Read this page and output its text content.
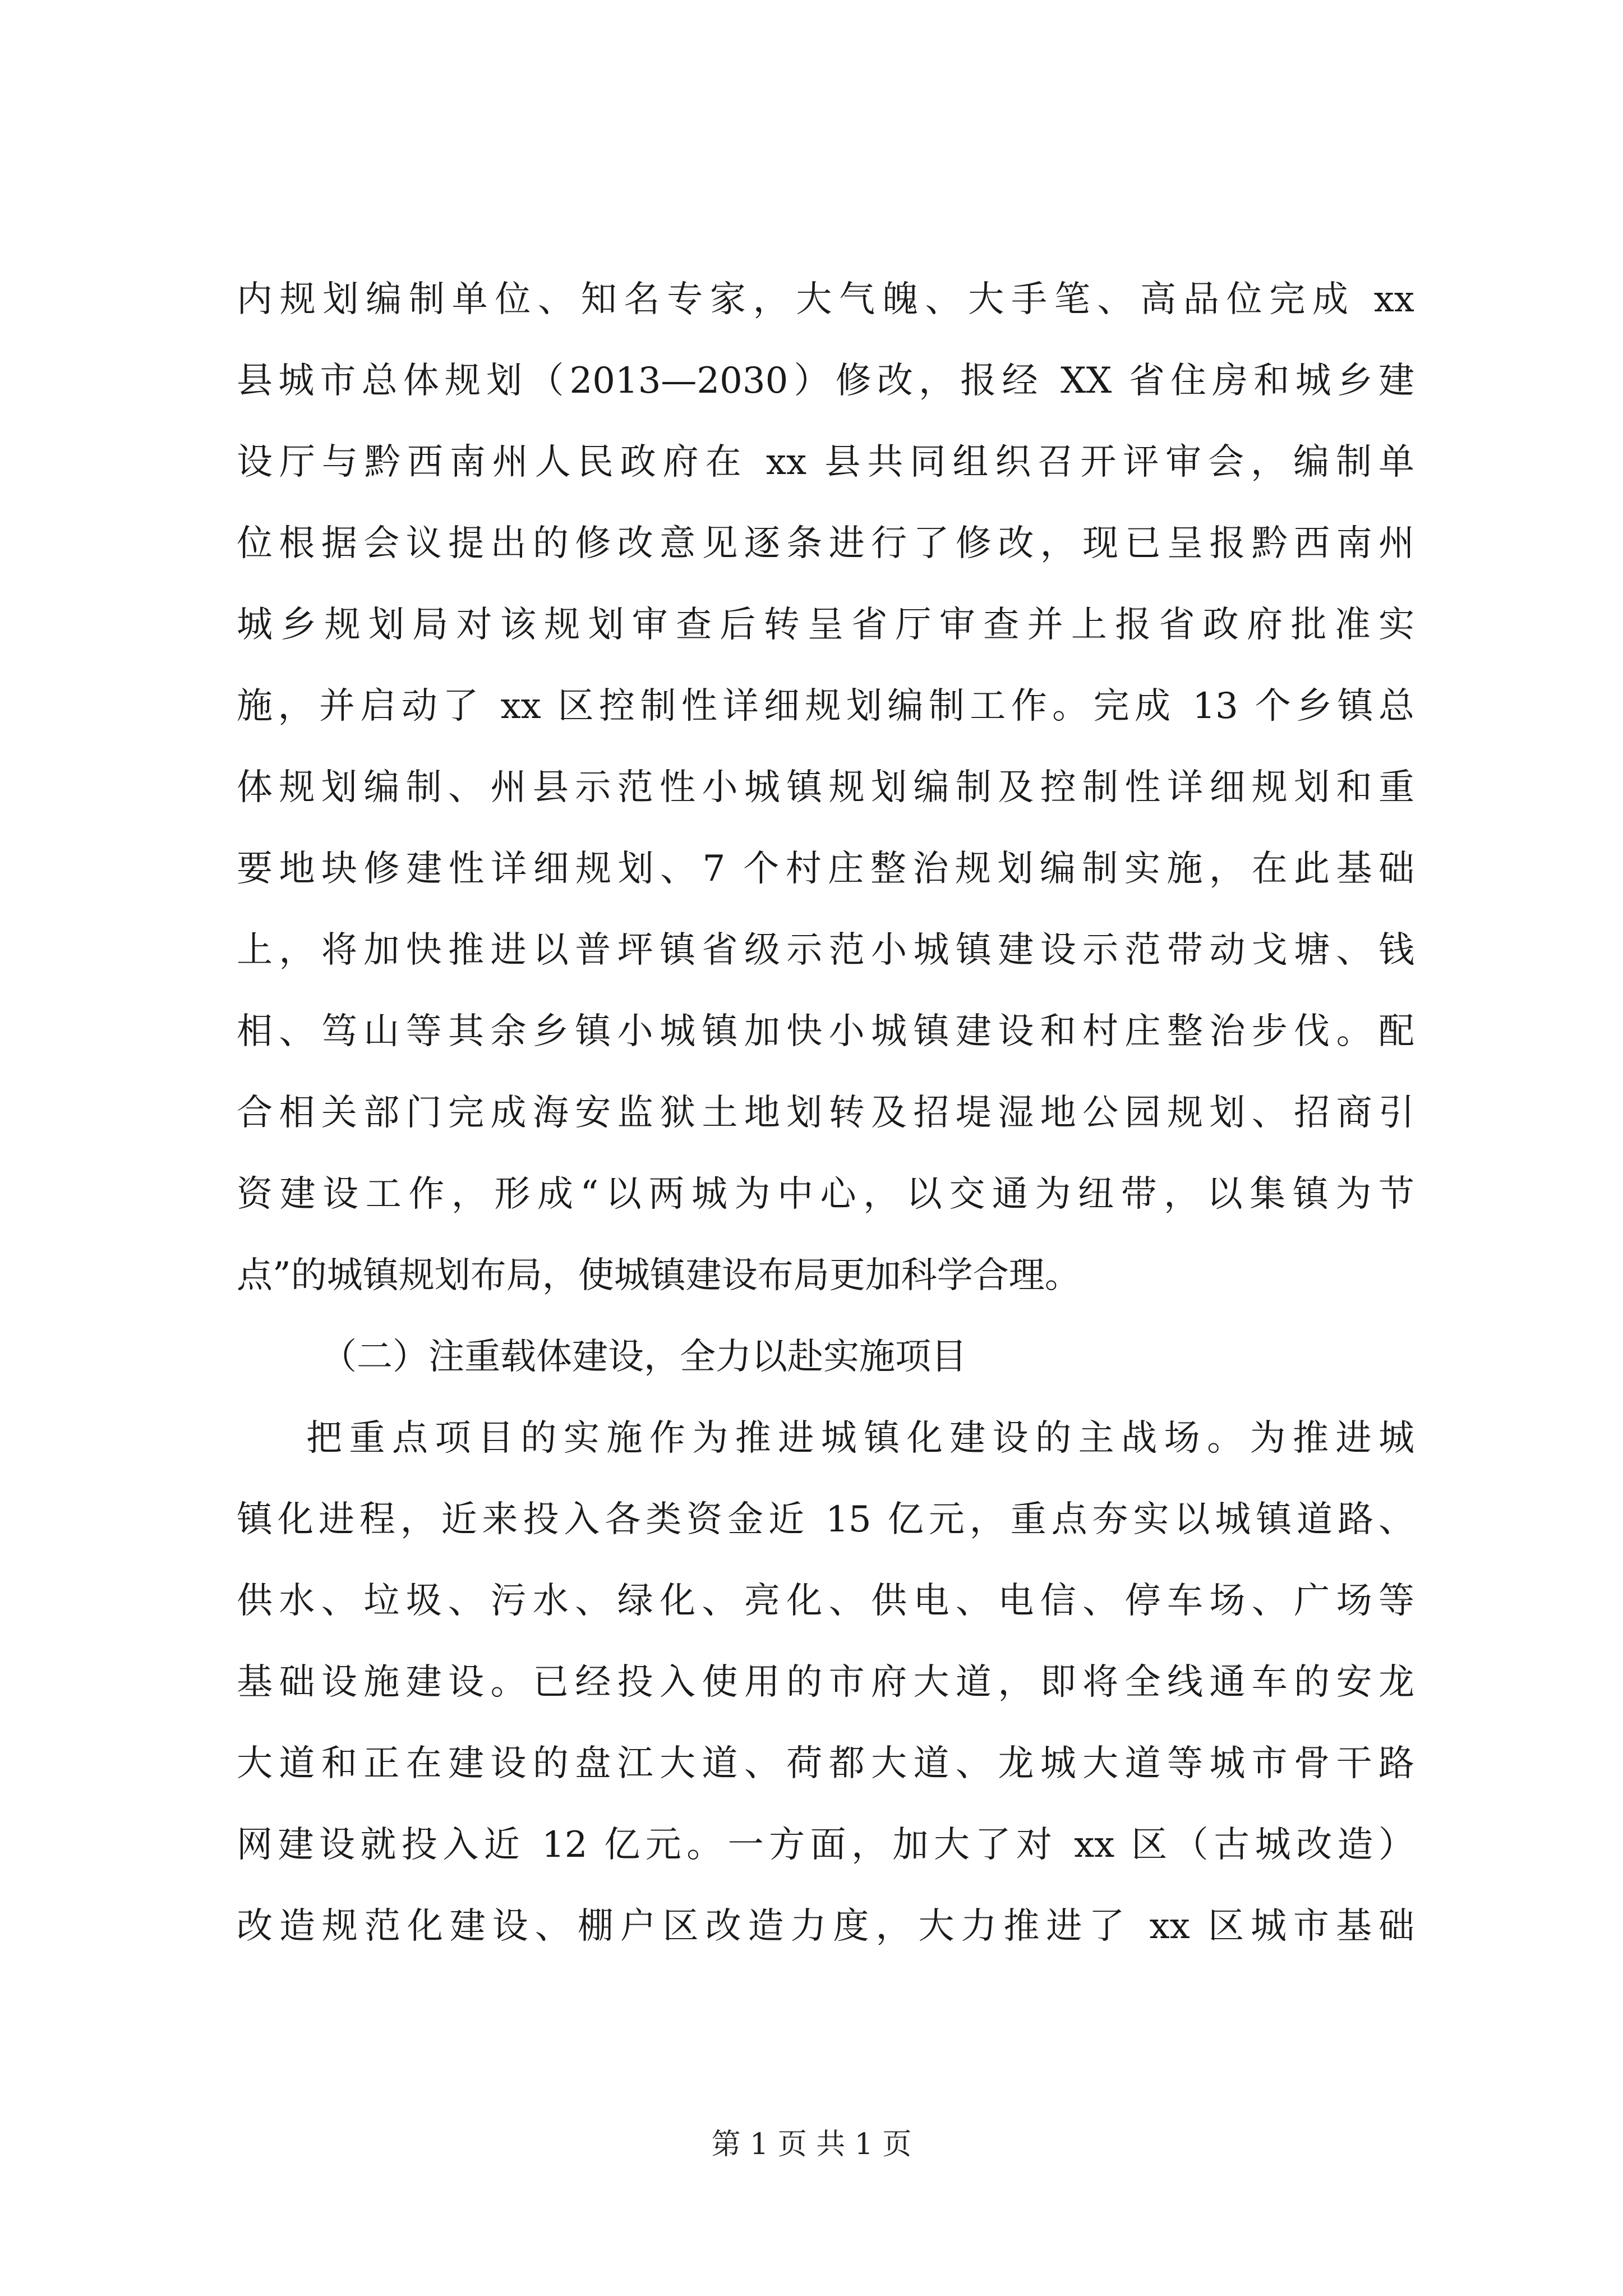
内规划编制单位、知名专家，大气魄、大手笔、高品位完成 xx
县城市总体规划（2013—2030）修改，报经 XX 省住房和城乡建
设厅与黔西南州人民政府在 xx 县共同组织召开评审会，编制单
位根据会议提出的修改意见逐条进行了修改，现已呈报黔西南州
城乡规划局对该规划审查后转呈省厅审查并上报省政府批准实
施，并启动了 xx 区控制性详细规划编制工作。完成 13 个乡镇总
体规划编制、州县示范性小城镇规划编制及控制性详细规划和重
要地块修建性详细规划、7 个村庄整治规划编制实施，在此基础
上，将加快推进以普坪镇省级示范小城镇建设示范带动戈塘、钱
相、笃山等其余乡镇小城镇加快小城镇建设和村庄整治步伐。配
合相关部门完成海安监狱土地划转及招堤湿地公园规划、招商引
资建设工作，形成“以两城为中心，以交通为纽带，以集镇为节
点”的城镇规划布局，使城镇建设布局更加科学合理。
（二）注重载体建设，全力以赴实施项目
把重点项目的实施作为推进城镇化建设的主战场。为推进城
镇化进程，近来投入各类资金近 15 亿元，重点夯实以城镇道路、
供水、垃圾、污水、绿化、亮化、供电、电信、停车场、广场等
基础设施建设。已经投入使用的市府大道，即将全线通车的安龙
大道和正在建设的盘江大道、荷都大道、龙城大道等城市骨干路
网建设就投入近 12 亿元。一方面，加大了对 xx 区（古城改造）
改造规范化建设、棚户区改造力度，大力推进了 xx 区城市基础
第 1 页 共 1 页
